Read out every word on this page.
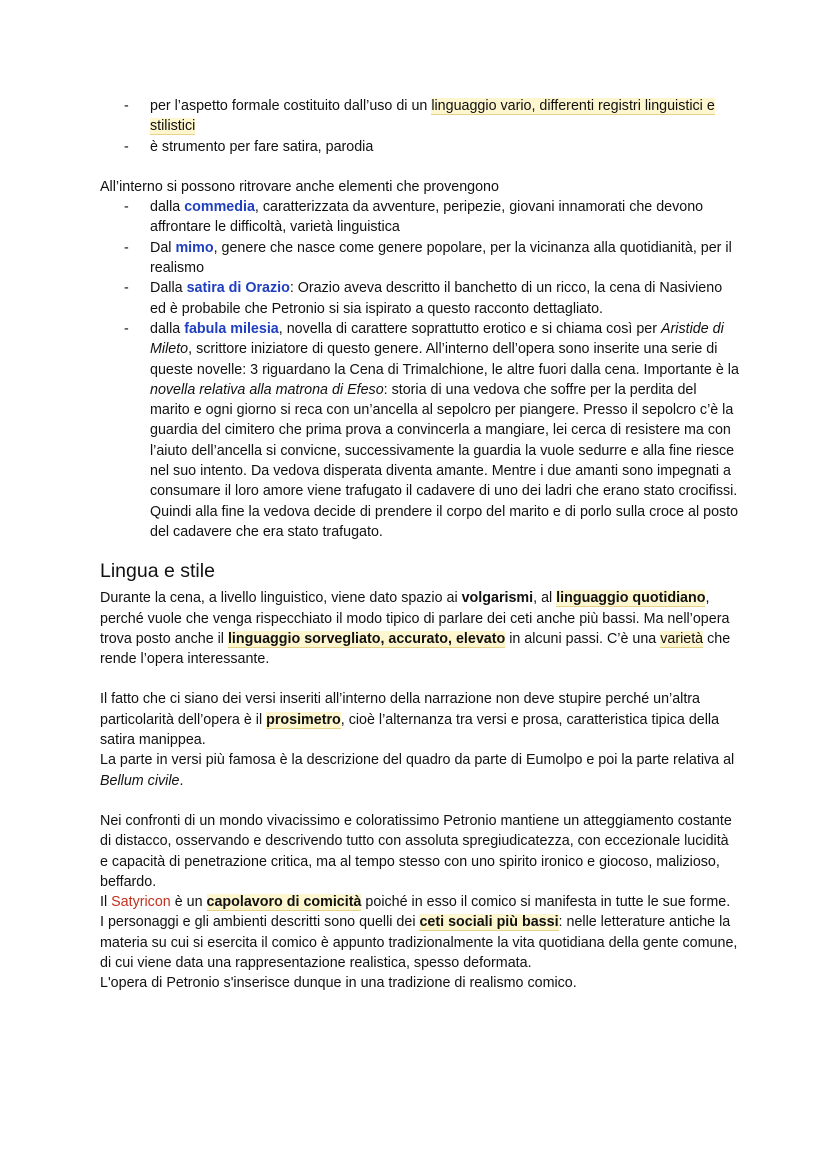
- per l’aspetto formale costituito dall’uso di un linguaggio vario, differenti registri linguistici e stilistici
- è strumento per fare satira, parodia

All’interno si possono ritrovare anche elementi che provengono

- dalla commedia, caratterizzata da avventure, peripezie, giovani innamorati che devono affrontare le difficoltà, varietà linguistica
- Dal mimo, genere che nasce come genere popolare, per la vicinanza alla quotidianità, per il realismo
- Dalla satira di Orazio: Orazio aveva descritto il banchetto di un ricco, la cena di Nasivieno ed è probabile che Petronio si sia ispirato a questo racconto dettagliato.
- dalla fabula milesia, novella di carattere soprattutto erotico e si chiama così per Aristide di Mileto, scrittore iniziatore di questo genere. All’interno dell’opera sono inserite una serie di queste novelle: 3 riguardano la Cena di Trimalchione, le altre fuori dalla cena. Importante è la novella relativa alla matrona di Efeso: storia di una vedova che soffre per la perdita del marito e ogni giorno si reca con un’ancella al sepolcro per piangere. Presso il sepolcro c’è la guardia del cimitero che prima prova a convincerla a mangiare, lei cerca di resistere ma con l’aiuto dell’ancella si convicne, successivamente la guardia la vuole sedurre e alla fine riesce nel suo intento. Da vedova disperata diventa amante. Mentre i due amanti sono impegnati a consumare il loro amore viene trafugato il cadavere di uno dei ladri che erano stato crocifissi. Quindi alla fine la vedova decide di prendere il corpo del marito e di porlo sulla croce al posto del cadavere che era stato trafugato.
Lingua e stile

Durante la cena, a livello linguistico, viene dato spazio ai volgarismi, al linguaggio quotidiano, perché vuole che venga rispecchiato il modo tipico di parlare dei ceti anche più bassi. Ma nell’opera trova posto anche il linguaggio sorvegliato, accurato, elevato in alcuni passi. C’è una varietà che rende l’opera interessante.

Il fatto che ci siano dei versi inseriti all’interno della narrazione non deve stupire perché un’altra particolarità dell’opera è il prosimetro, cioè l’alternanza tra versi e prosa, caratteristica tipica della satira manippea.

La parte in versi più famosa è la descrizione del quadro da parte di Eumolpo e poi la parte relativa al Bellum civile.

Nei confronti di un mondo vivacissimo e coloratissimo Petronio mantiene un atteggiamento costante di distacco, osservando e descrivendo tutto con assoluta spregiudicatezza, con eccezionale lucidità e capacità di penetrazione critica, ma al tempo stesso con uno spirito ironico e giocoso, malizioso, beffardo.

Il Satyricon è un capolavoro di comicità poiché in esso il comico si manifesta in tutte le sue forme.

I personaggi e gli ambienti descritti sono quelli dei ceti sociali più bassi: nelle letterature antiche la materia su cui si esercita il comico è appunto tradizionalmente la vita quotidiana della gente comune, di cui viene data una rappresentazione realistica, spesso deformata.

L'opera di Petronio s'inserisce dunque in una tradizione di realismo comico.
